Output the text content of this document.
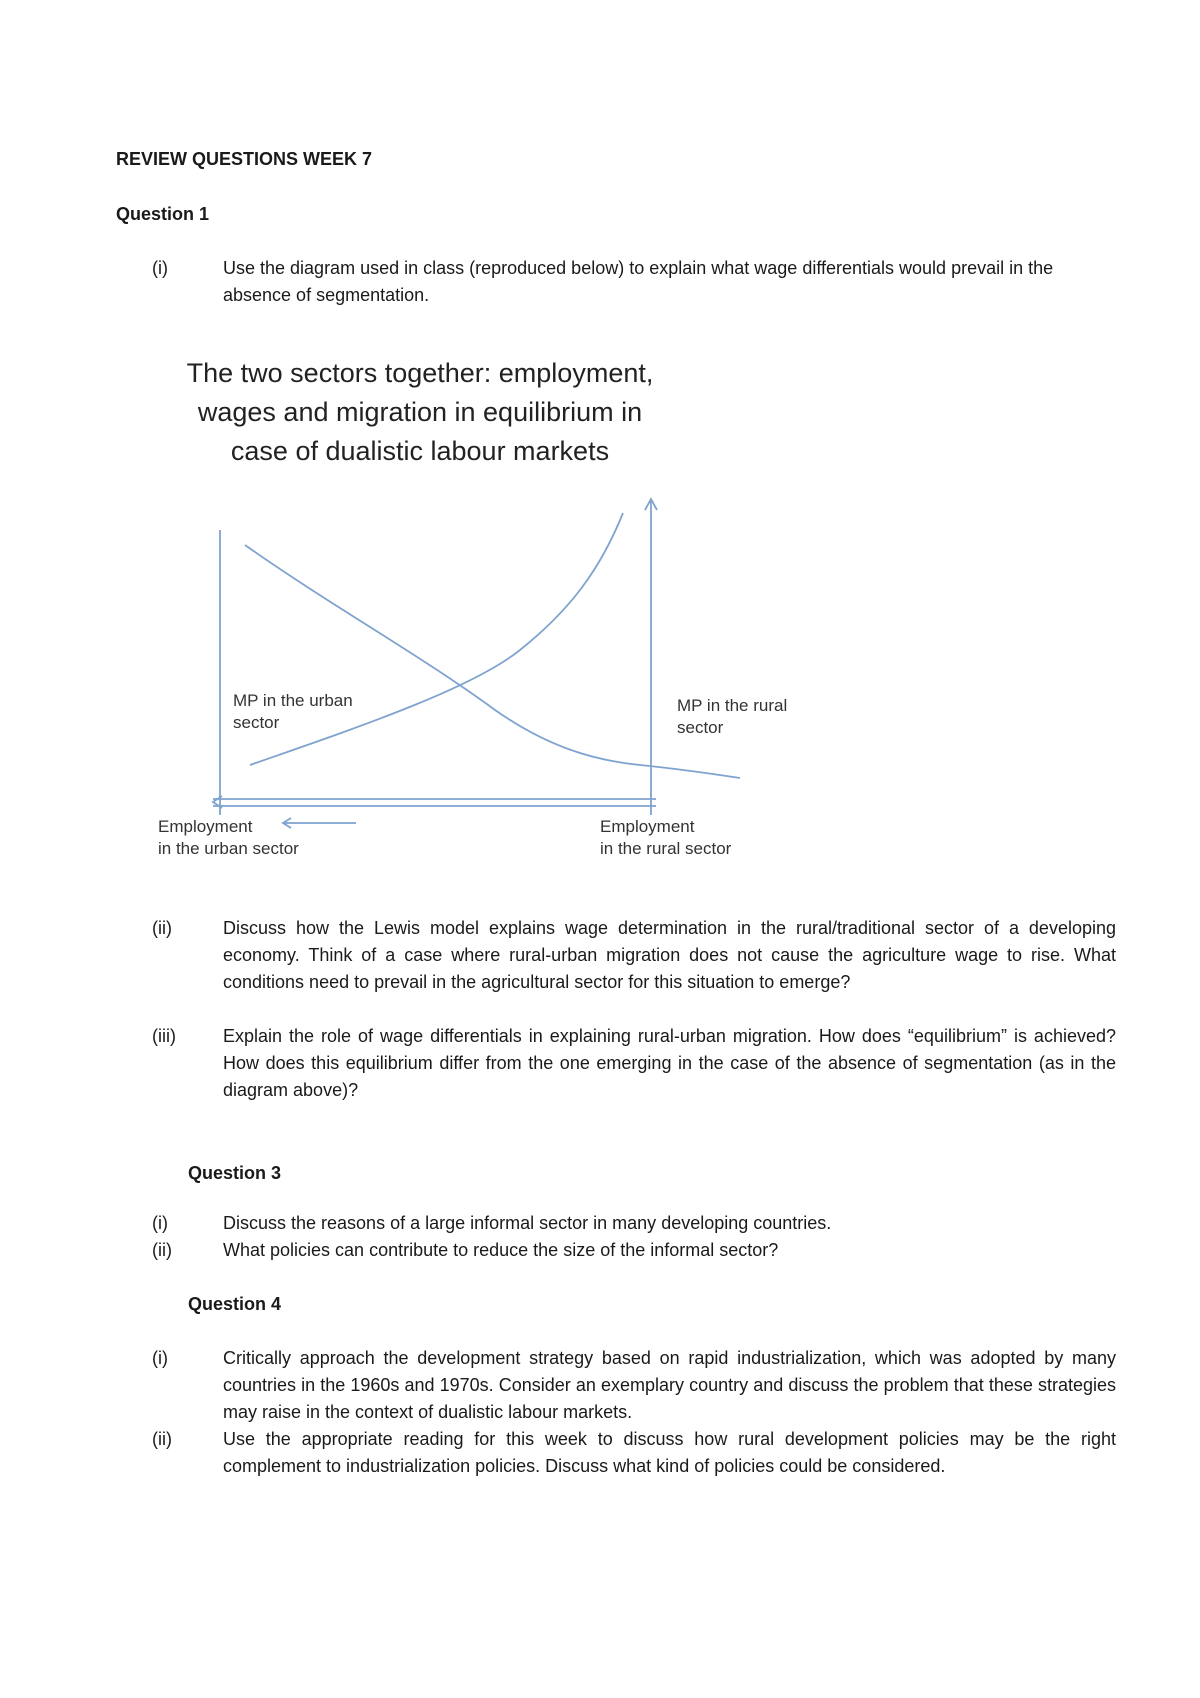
REVIEW QUESTIONS WEEK 7
Question 1
(i)	Use the diagram used in class (reproduced below) to explain what wage differentials would prevail in the absence of segmentation.
The two sectors together: employment,
wages and migration in equilibrium in
case of dualistic labour markets
MP in the urban
sector
MP in the rural
sector
Employment
in the urban sector
Employment
in the rural sector
(ii)	Discuss how the Lewis model explains wage determination in the rural/traditional sector of a developing economy. Think of a case where rural-urban migration does not cause the agriculture wage to rise. What conditions need to prevail in the agricultural sector for this situation to emerge?
(iii)	Explain the role of wage differentials in explaining rural-urban migration. How does “equilibrium” is achieved? How does this equilibrium differ from the one emerging in the case of the absence of segmentation (as in the diagram above)?
Question 3
(i)	Discuss the reasons of a large informal sector in many developing countries.
(ii)	What policies can contribute to reduce the size of the informal sector?
Question 4
(i)	Critically approach the development strategy based on rapid industrialization, which was adopted by many countries in the 1960s and 1970s. Consider an exemplary country and discuss the problem that these strategies may raise in the context of dualistic labour markets.
(ii)	Use the appropriate reading for this week to discuss how rural development policies may be the right complement to industrialization policies. Discuss what kind of policies could be considered.
